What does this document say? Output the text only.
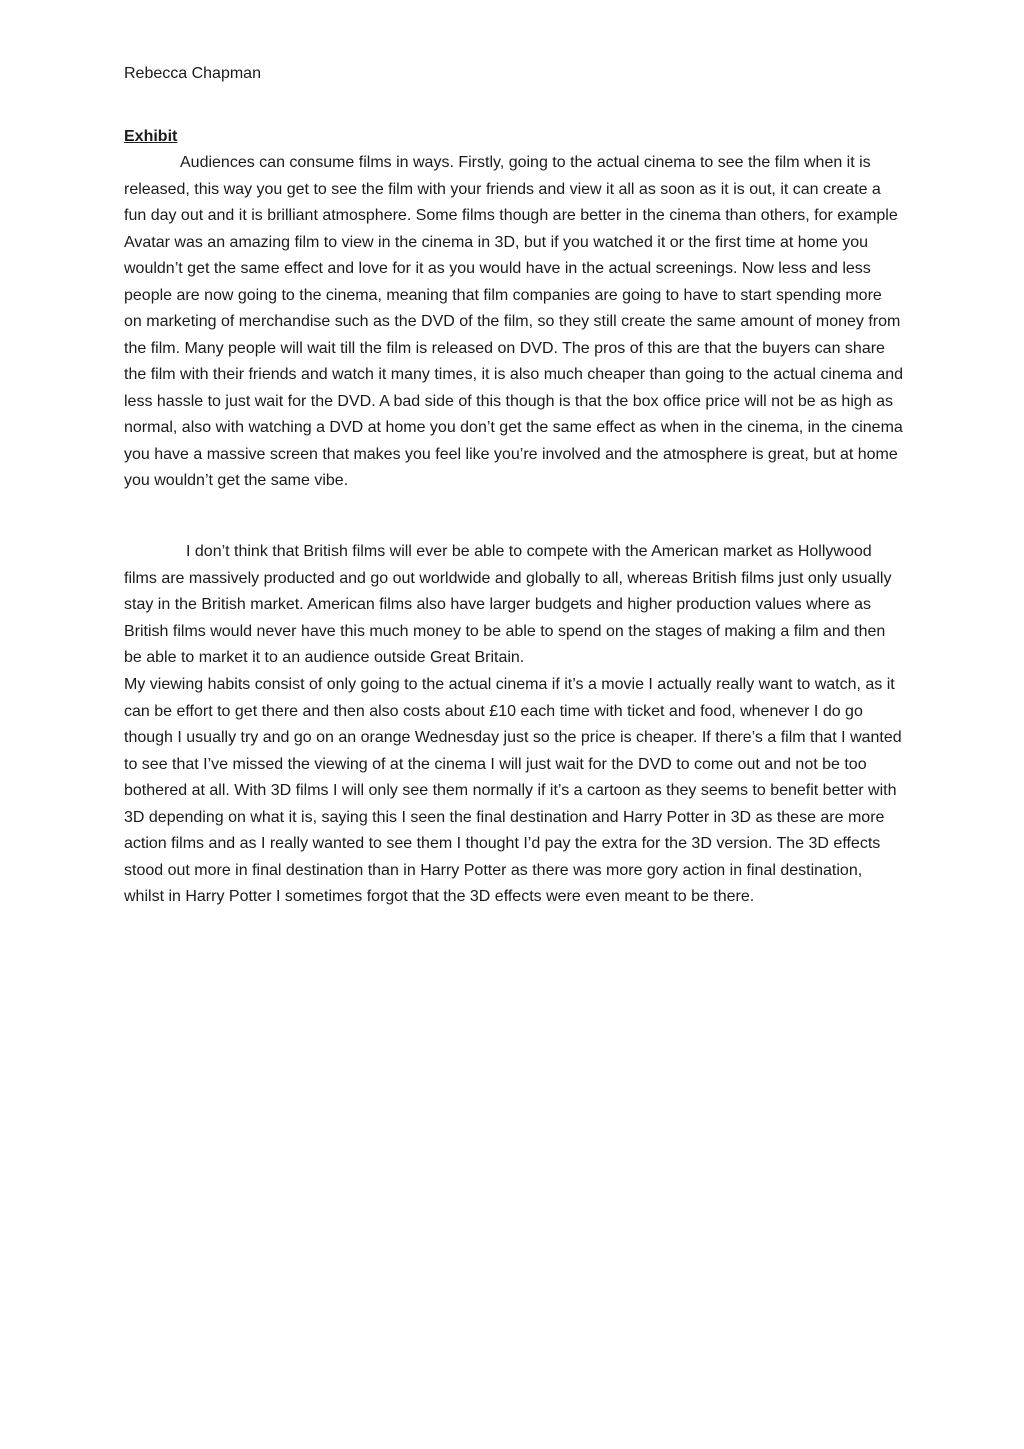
Rebecca Chapman
Exhibit

Audiences can consume films in ways. Firstly, going to the actual cinema to see the film when it is released, this way you get to see the film with your friends and view it all as soon as it is out, it can create a fun day out and it is brilliant atmosphere. Some films though are better in the cinema than others, for example Avatar was an amazing film to view in the cinema in 3D, but if you watched it or the first time at home you wouldn’t get the same effect and love for it as you would have in the actual screenings. Now less and less people are now going to the cinema, meaning that film companies are going to have to start spending more on marketing of merchandise such as the DVD of the film, so they still create the same amount of money from the film. Many people will wait till the film is released on DVD. The pros of this are that the buyers can share the film with their friends and watch it many times, it is also much cheaper than going to the actual cinema and less hassle to just wait for the DVD. A bad side of this though is that the box office price will not be as high as normal, also with watching a DVD at home you don’t get the same effect as when in the cinema, in the cinema you have a massive screen that makes you feel like you’re involved and the atmosphere is great, but at home you wouldn’t get the same vibe.

I don’t think that British films will ever be able to compete with the American market as Hollywood films are massively producted and go out worldwide and globally to all, whereas British films just only usually stay in the British market. American films also have larger budgets and higher production values where as British films would never have this much money to be able to spend on the stages of making a film and then be able to market it to an audience outside Great Britain.

My viewing habits consist of only going to the actual cinema if it’s a movie I actually really want to watch, as it can be effort to get there and then also costs about £10 each time with ticket and food, whenever I do go though I usually try and go on an orange Wednesday just so the price is cheaper. If there’s a film that I wanted to see that I’ve missed the viewing of at the cinema I will just wait for the DVD to come out and not be too bothered at all. With 3D films I will only see them normally if it’s a cartoon as they seems to benefit better with 3D depending on what it is, saying this I seen the final destination and Harry Potter in 3D as these are more action films and as I really wanted to see them I thought I’d pay the extra for the 3D version. The 3D effects stood out more in final destination than in Harry Potter as there was more gory action in final destination, whilst in Harry Potter I sometimes forgot that the 3D effects were even meant to be there.
